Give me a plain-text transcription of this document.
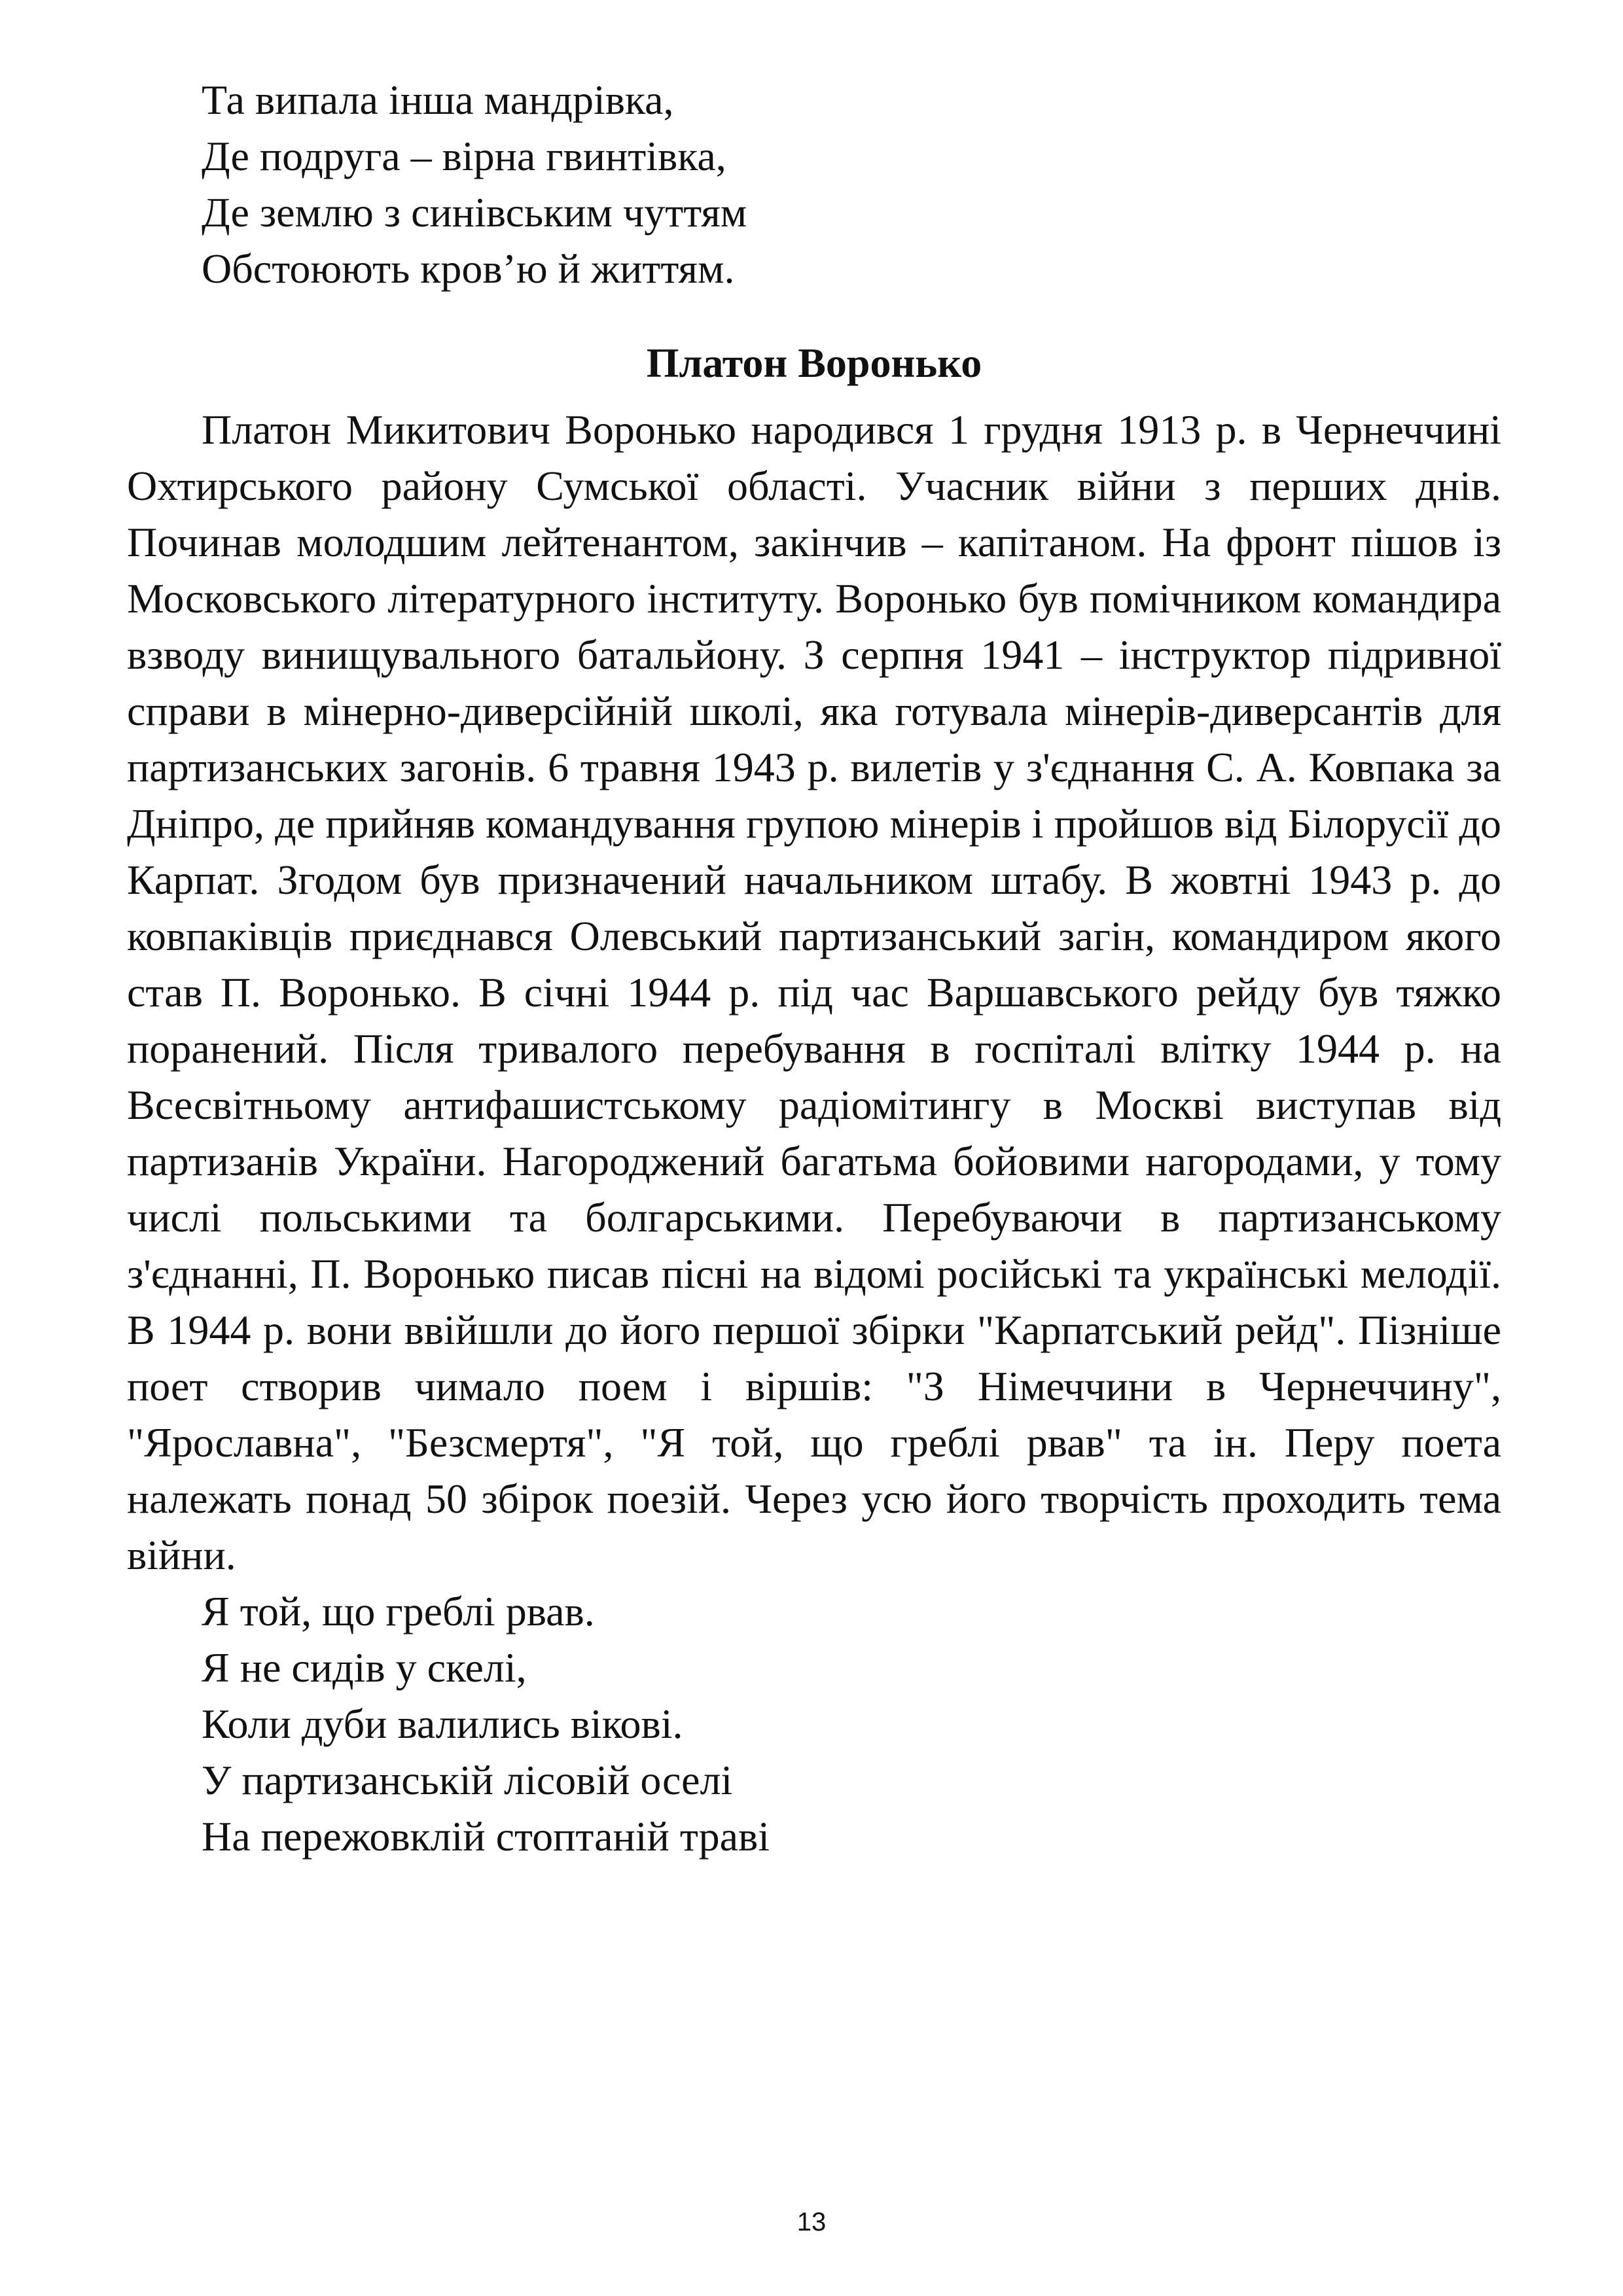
Та випала інша мандрівка,
Де подруга – вірна гвинтівка,
Де землю з синівським чуттям
Обстоюють кров’ю й життям.
Платон Воронько

Платон Микитович Воронько народився 1 грудня 1913 р. в Чернеччині Охтирського району Сумської області. Учасник війни з перших днів. Починав молодшим лейтенантом, закінчив – капітаном. На фронт пішов із Московського літературного інституту. Воронько був помічником командира взводу винищувального батальйону. З серпня 1941 – інструктор підривної справи в мінерно-диверсійній школі, яка готувала мінерів-диверсантів для партизанських загонів. 6 травня 1943 р. вилетів у з'єднання С. А. Ковпака за Дніпро, де прийняв командування групою мінерів і пройшов від Білорусії до Карпат. Згодом був призначений начальником штабу. В жовтні 1943 р. до ковпаківців приєднався Олевський партизанський загін, командиром якого став П. Воронько. В січні 1944 р. під час Варшавського рейду був тяжко поранений. Після тривалого перебування в госпіталі влітку 1944 р. на Всесвітньому антифашистському радіомітингу в Москві виступав від партизанів України. Нагороджений багатьма бойовими нагородами, у тому числі польськими та болгарськими. Перебуваючи в партизанському з'єднанні, П. Воронько писав пісні на відомі російські та українські мелодії. В 1944 р. вони ввійшли до його першої збірки "Карпатський рейд". Пізніше поет створив чимало поем і віршів: "З Німеччини в Чернеччину", "Ярославна", "Безсмертя", "Я той, що греблі рвав" та ін. Перу поета належать понад 50 збірок поезій. Через усю його творчість проходить тема війни.

Я той, що греблі рвав.
Я не сидів у скелі,
Коли дуби валились вікові.
У партизанській лісовій оселі
На пережовклій стоптаній траві
13
